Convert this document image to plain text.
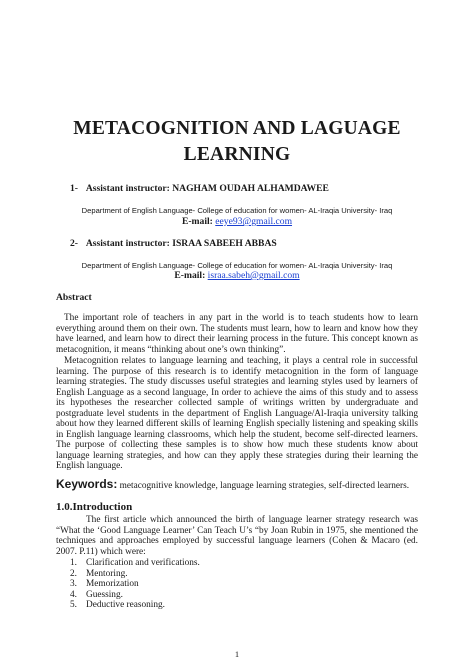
METACOGNITION AND LAGUAGE
LEARNING
1- Assistant instructor: NAGHAM OUDAH ALHAMDAWEE
Department of English Language- College of education for women- AL-Iraqia University- Iraq
E-mail: eeye93@gmail.com
2- Assistant instructor: ISRAA SABEEH ABBAS
Department of English Language- College of education for women- AL-Iraqia University- Iraq
E-mail: israa.sabeh@gmail.com
Abstract
The important role of teachers in any part in the world is to teach students how to learn everything around them on their own. The students must learn, how to learn and know how they have learned, and learn how to direct their learning process in the future. This concept known as metacognition, it means “thinking about one’s own thinking”.
Metacognition relates to language learning and teaching, it plays a central role in successful learning. The purpose of this research is to identify metacognition in the form of language learning strategies. The study discusses useful strategies and learning styles used by learners of English Language as a second language, In order to achieve the aims of this study and to assess its hypotheses the researcher collected sample of writings written by undergraduate and postgraduate level students in the department of English Language/Al-Iraqia university talking about how they learned different skills of learning English specially listening and speaking skills in English language learning classrooms, which help the student, become self-directed learners. The purpose of collecting these samples is to show how much these students know about language learning strategies, and how can they apply these strategies during their learning the English language.
Keywords: metacognitive knowledge, language learning strategies, self-directed learners.
1.0.Introduction
The first article which announced the birth of language learner strategy research was “What the ‘Good Language Learner’ Can Teach U’s “by Joan Rubin in 1975, she mentioned the techniques and approaches employed by successful language learners (Cohen & Macaro (ed. 2007. P.11) which were:
1. Clarification and verifications.
2. Mentoring.
3. Memorization
4. Guessing.
5. Deductive reasoning.
1
